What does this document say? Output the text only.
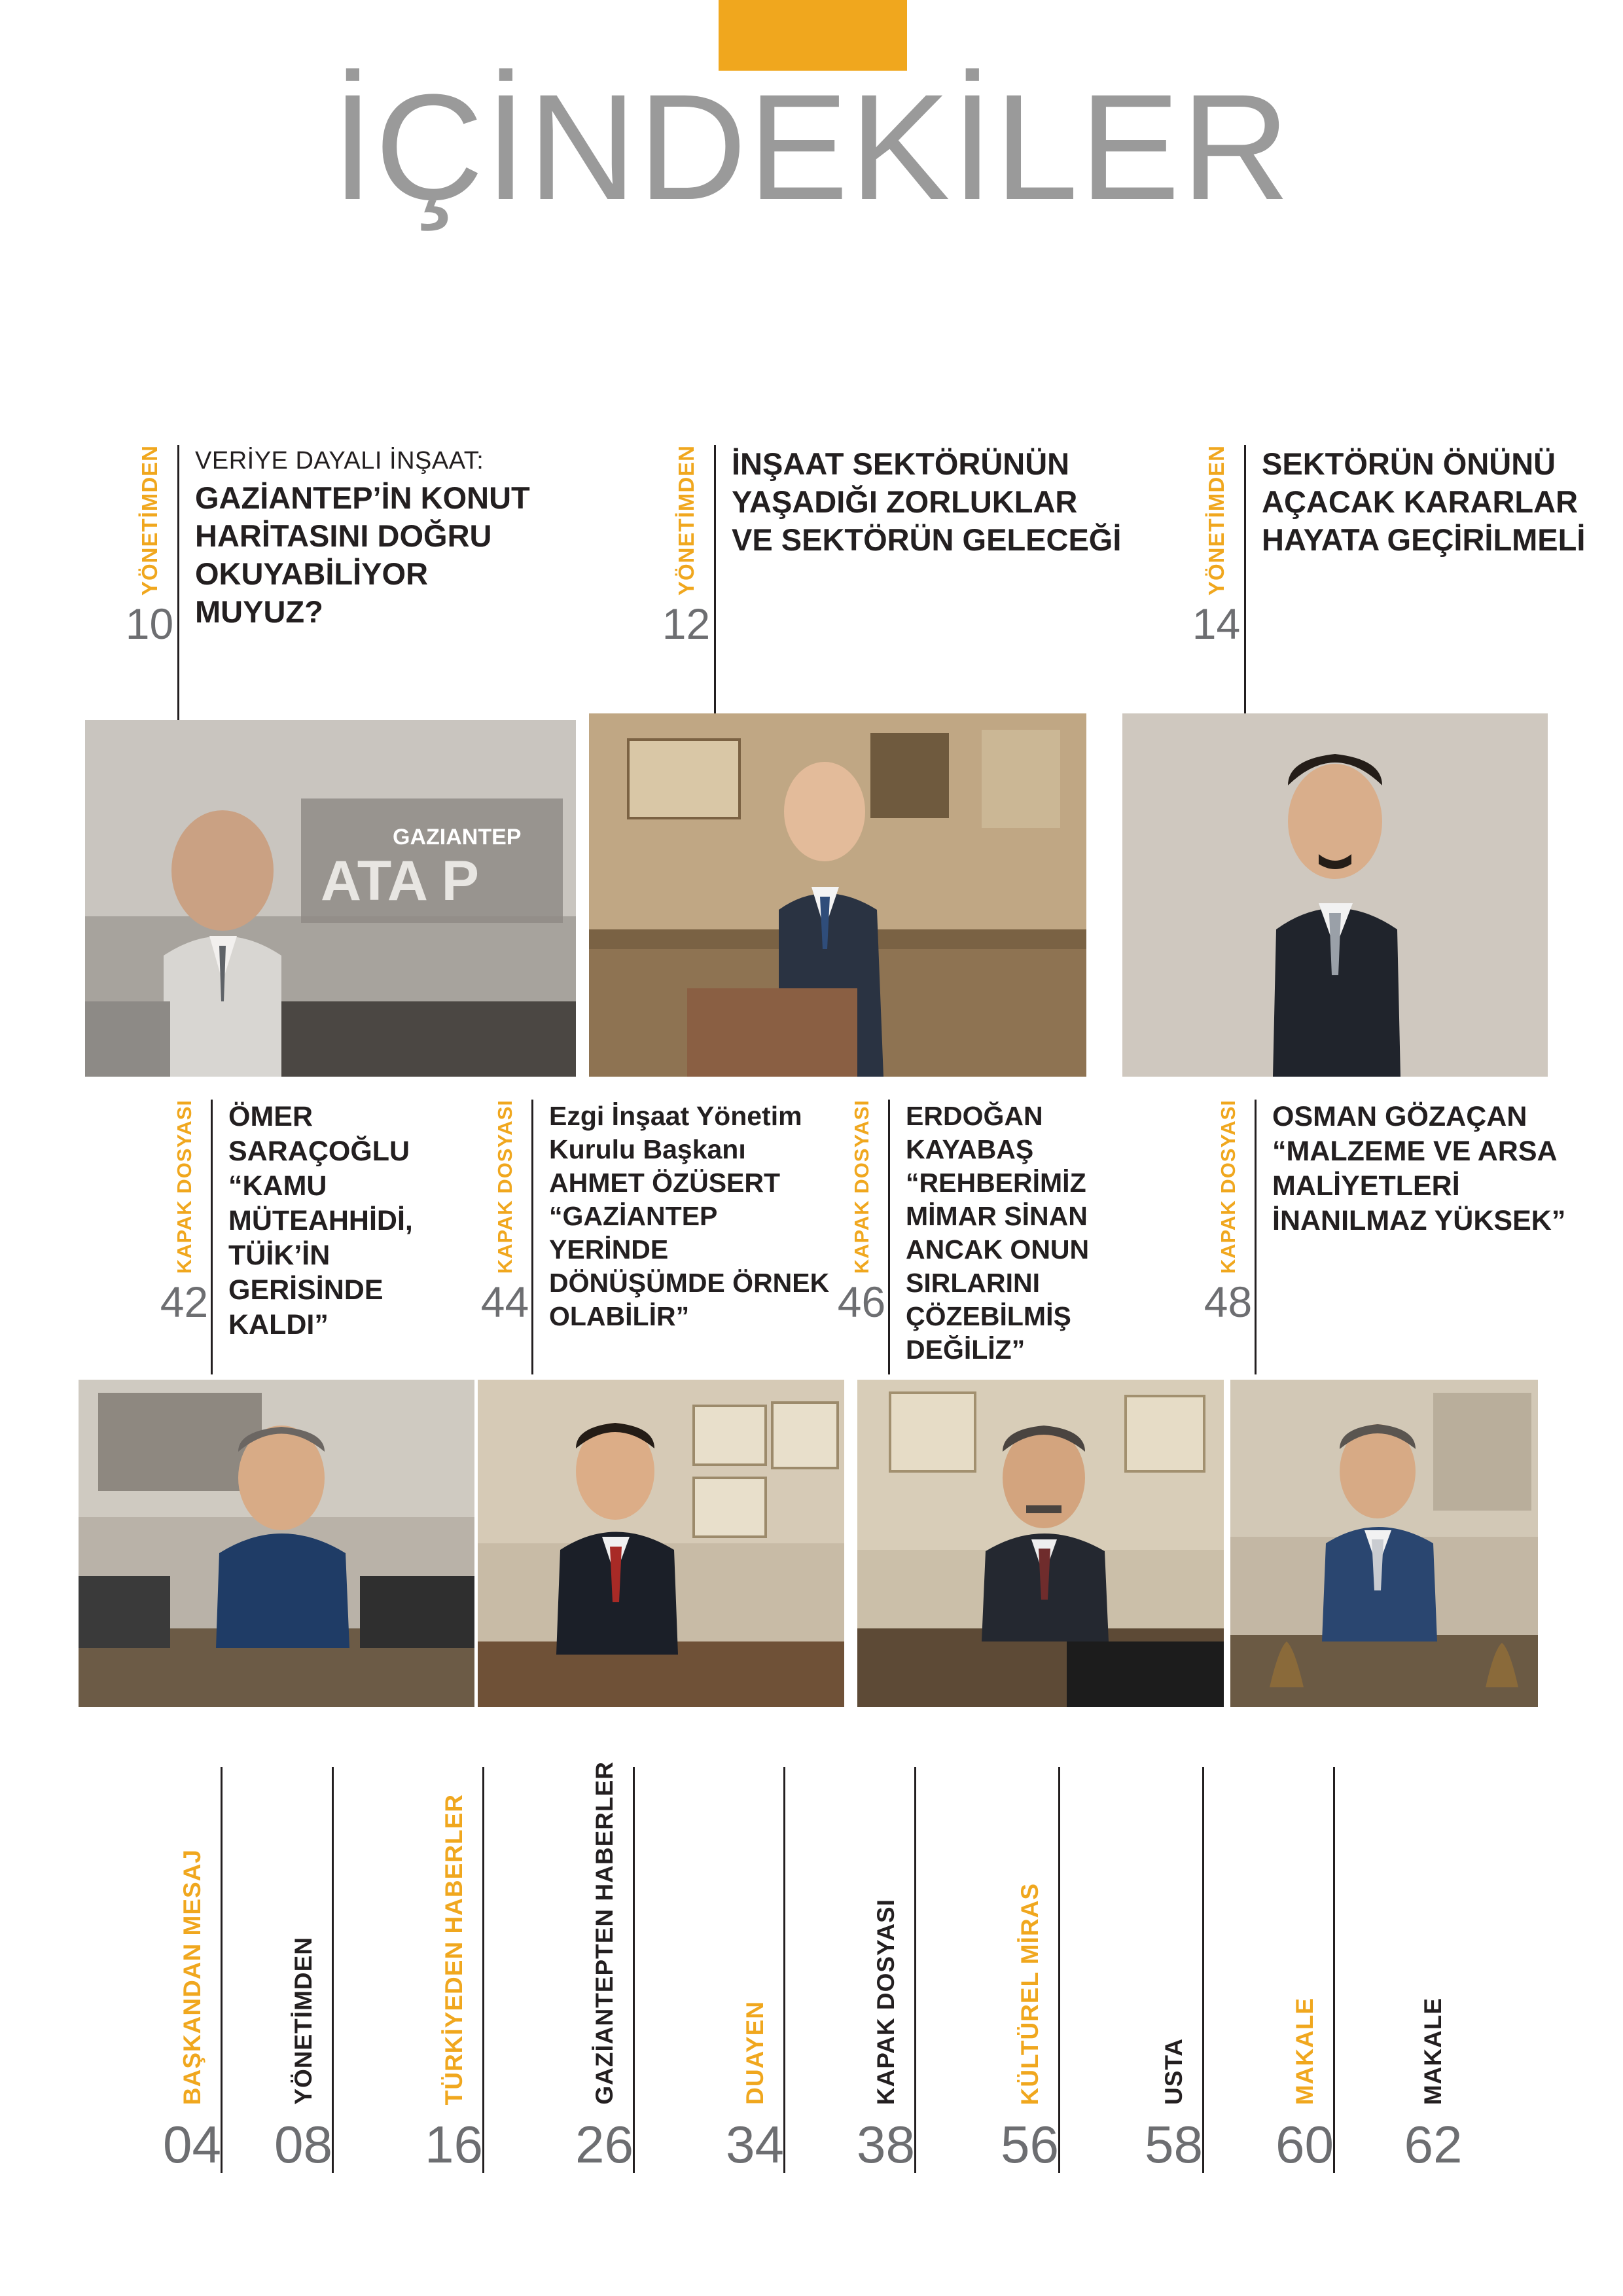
İÇİNDEKİLER
YÖNETİMDEN
10
VERİYE DAYALI İNŞAAT:
GAZİANTEP’İN KONUT HARİTASINI DOĞRU OKUYABİLİYOR MUYUZ?
GAZIANTEP
ATA P
YÖNETİMDEN
12
İNŞAAT SEKTÖRÜNÜN YAŞADIĞI ZORLUKLAR VE SEKTÖRÜN GELECEĞİ	YÖNETİMDEN
14
SEKTÖRÜN ÖNÜNÜ AÇACAK KARARLAR HAYATA GEÇİRİLMELİ
KAPAK DOSYASI
42
ÖMER SARAÇOĞLU “KAMU MÜTEAHHİDİ, TÜİK’İN GERİSİNDE KALDI”
KAPAK DOSYASI
44
Ezgi İnşaat Yönetim Kurulu Başkanı AHMET ÖZÜSERT “GAZİANTEP YERİNDE DÖNÜŞÜMDE ÖRNEK OLABİLİR”
KAPAK DOSYASI
46
ERDOĞAN KAYABAŞ “REHBERİMİZ MİMAR SİNAN ANCAK ONUN SIRLARINI ÇÖZEBİLMİŞ DEĞİLİZ”
KAPAK DOSYASI
48
OSMAN GÖZAÇAN “MALZEME VE ARSA MALİYETLERİ İNANILMAZ YÜKSEK”
BAŞKANDAN MESAJ
04
YÖNETİMDEN
08
TÜRKİYEDEN HABERLER
16
GAZİANTEPTEN HABERLER
26
DUAYEN
34
KAPAK DOSYASI
38
KÜLTÜREL MİRAS
56
USTA
58
MAKALE
60
MAKALE
62
